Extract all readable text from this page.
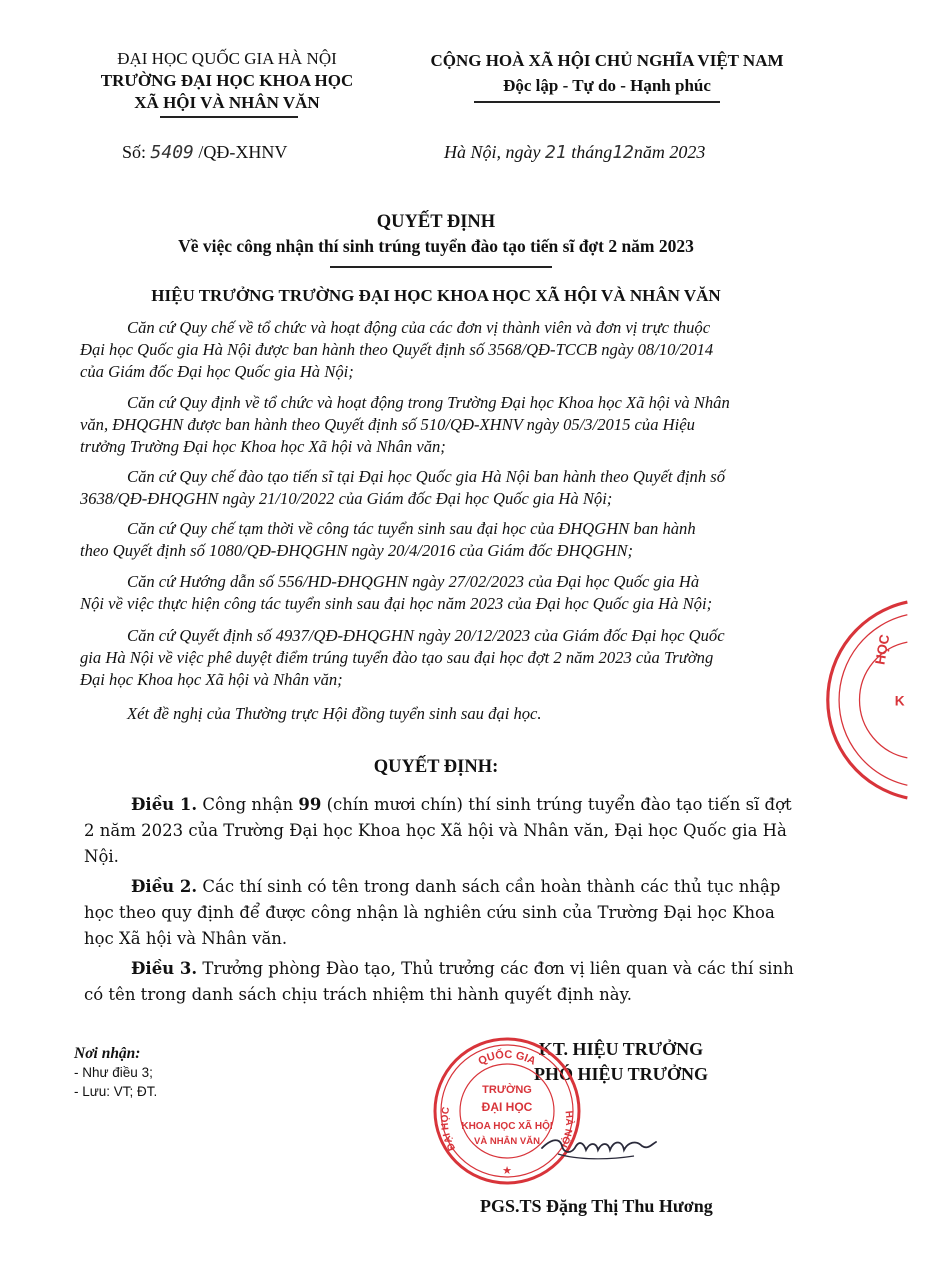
ĐẠI HỌC QUỐC GIA HÀ NỘI
TRƯỜNG ĐẠI HỌC KHOA HỌC
XÃ HỘI VÀ NHÂN VĂN
CỘNG HOÀ XÃ HỘI CHỦ NGHĨA VIỆT NAM
Độc lập - Tự do - Hạnh phúc
Số: 5409 /QĐ-XHNV	Hà Nội, ngày 21 tháng12năm 2023
QUYẾT ĐỊNH
Về việc công nhận thí sinh trúng tuyển đào tạo tiến sĩ đợt 2 năm 2023
HIỆU TRƯỞNG TRƯỜNG ĐẠI HỌC KHOA HỌC XÃ HỘI VÀ NHÂN VĂN
Căn cứ Quy chế về tổ chức và hoạt động của các đơn vị thành viên và đơn vị trực thuộc
Đại học Quốc gia Hà Nội được ban hành theo Quyết định số 3568/QĐ-TCCB ngày 08/10/2014
của Giám đốc Đại học Quốc gia Hà Nội;
Căn cứ Quy định về tổ chức và hoạt động trong Trường Đại học Khoa học Xã hội và Nhân
văn, ĐHQGHN được ban hành theo Quyết định số 510/QĐ-XHNV ngày 05/3/2015 của Hiệu
trưởng Trường Đại học Khoa học Xã hội và Nhân văn;
Căn cứ Quy chế đào tạo tiến sĩ tại Đại học Quốc gia Hà Nội ban hành theo Quyết định số
3638/QĐ-ĐHQGHN ngày 21/10/2022 của Giám đốc Đại học Quốc gia Hà Nội;
Căn cứ Quy chế tạm thời về công tác tuyển sinh sau đại học của ĐHQGHN ban hành
theo Quyết định số 1080/QĐ-ĐHQGHN ngày 20/4/2016 của Giám đốc ĐHQGHN;
Căn cứ Hướng dẫn số 556/HD-ĐHQGHN ngày 27/02/2023 của Đại học Quốc gia Hà
Nội về việc thực hiện công tác tuyển sinh sau đại học năm 2023 của Đại học Quốc gia Hà Nội;
Căn cứ Quyết định số 4937/QĐ-ĐHQGHN ngày 20/12/2023 của Giám đốc Đại học Quốc
gia Hà Nội về việc phê duyệt điểm trúng tuyển đào tạo sau đại học đợt 2 năm 2023 của Trường
Đại học Khoa học Xã hội và Nhân văn;
Xét đề nghị của Thường trực Hội đồng tuyển sinh sau đại học.
QUYẾT ĐỊNH:
Điều 1. Công nhận 99 (chín mươi chín) thí sinh trúng tuyển đào tạo tiến sĩ đợt
2 năm 2023 của Trường Đại học Khoa học Xã hội và Nhân văn, Đại học Quốc gia Hà
Nội.
Điều 2. Các thí sinh có tên trong danh sách cần hoàn thành các thủ tục nhập
học theo quy định để được công nhận là nghiên cứu sinh của Trường Đại học Khoa
học Xã hội và Nhân văn.
Điều 3. Trưởng phòng Đào tạo, Thủ trưởng các đơn vị liên quan và các thí sinh
có tên trong danh sách chịu trách nhiệm thi hành quyết định này.
Nơi nhận:
- Như điều 3;
- Lưu: VT; ĐT.
KT. HIỆU TRƯỞNG
PHÓ HIỆU TRƯỞNG
QUỐC GIA
ĐẠI HỌC	HÀ NỘI
TRƯỜNG
ĐẠI HỌC
KHOA HỌC XÃ HỘI
VÀ NHÂN VĂN
★
PGS.TS Đặng Thị Thu Hương
HỌC
K
